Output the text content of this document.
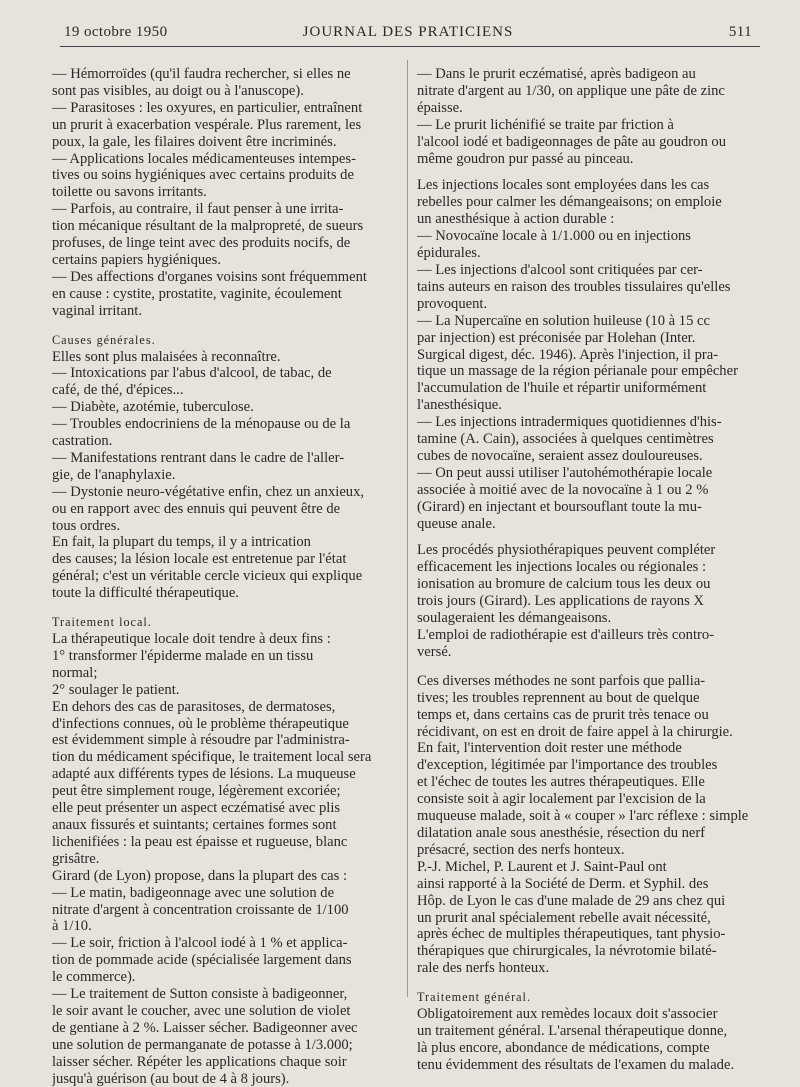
19 octobre 1950	JOURNAL DES PRATICIENS	511
— Hémorroïdes (qu'il faudra rechercher, si elles ne
sont pas visibles, au doigt ou à l'anuscope).
— Parasitoses : les oxyures, en particulier, entraînent
un prurit à exacerbation vespérale. Plus rarement, les
poux, la gale, les filaires doivent être incriminés.
— Applications locales médicamenteuses intempes-
tives ou soins hygiéniques avec certains produits de
toilette ou savons irritants.
— Parfois, au contraire, il faut penser à une irrita-
tion mécanique résultant de la malpropreté, de sueurs
profuses, de linge teint avec des produits nocifs, de
certains papiers hygiéniques.
— Des affections d'organes voisins sont fréquemment
en cause : cystite, prostatite, vaginite, écoulement
vaginal irritant.
Causes générales.
Elles sont plus malaisées à reconnaître.
— Intoxications par l'abus d'alcool, de tabac, de
café, de thé, d'épices...
— Diabète, azotémie, tuberculose.
— Troubles endocriniens de la ménopause ou de la
castration.
— Manifestations rentrant dans le cadre de l'aller-
gie, de l'anaphylaxie.
— Dystonie neuro-végétative enfin, chez un anxieux,
ou en rapport avec des ennuis qui peuvent être de
tous ordres.
En fait, la plupart du temps, il y a intrication
des causes; la lésion locale est entretenue par l'état
général; c'est un véritable cercle vicieux qui explique
toute la difficulté thérapeutique.
Traitement local.
La thérapeutique locale doit tendre à deux fins :
1° transformer l'épiderme malade en un tissu
normal;
2° soulager le patient.
En dehors des cas de parasitoses, de dermatoses,
d'infections connues, où le problème thérapeutique
est évidemment simple à résoudre par l'administra-
tion du médicament spécifique, le traitement local sera
adapté aux différents types de lésions. La muqueuse
peut être simplement rouge, légèrement excoriée;
elle peut présenter un aspect eczématisé avec plis
anaux fissurés et suintants; certaines formes sont
lichenifiées : la peau est épaisse et rugueuse, blanc
grisâtre.
Girard (de Lyon) propose, dans la plupart des cas :
— Le matin, badigeonnage avec une solution de
nitrate d'argent à concentration croissante de 1/100
à 1/10.
— Le soir, friction à l'alcool iodé à 1 % et applica-
tion de pommade acide (spécialisée largement dans
le commerce).
— Le traitement de Sutton consiste à badigeonner,
le soir avant le coucher, avec une solution de violet
de gentiane à 2 %. Laisser sécher. Badigeonner avec
une solution de permanganate de potasse à 1/3.000;
laisser sécher. Répéter les applications chaque soir
jusqu'à guérison (au bout de 4 à 8 jours).
— Dans le prurit eczématisé, après badigeon au
nitrate d'argent au 1/30, on applique une pâte de zinc
épaisse.
— Le prurit lichénifié se traite par friction à
l'alcool iodé et badigeonnages de pâte au goudron ou
même goudron pur passé au pinceau.
Les injections locales sont employées dans les cas
rebelles pour calmer les démangeaisons; on emploie
un anesthésique à action durable :
— Novocaïne locale à 1/1.000 ou en injections
épidurales.
— Les injections d'alcool sont critiquées par cer-
tains auteurs en raison des troubles tissulaires qu'elles
provoquent.
— La Nupercaïne en solution huileuse (10 à 15 cc
par injection) est préconisée par Holehan (Inter.
Surgical digest, déc. 1946). Après l'injection, il pra-
tique un massage de la région périanale pour empêcher
l'accumulation de l'huile et répartir uniformément
l'anesthésique.
— Les injections intradermiques quotidiennes d'his-
tamine (A. Cain), associées à quelques centimètres
cubes de novocaïne, seraient assez douloureuses.
— On peut aussi utiliser l'autohémothérapie locale
associée à moitié avec de la novocaïne à 1 ou 2 %
(Girard) en injectant et boursouflant toute la mu-
queuse anale.
Les procédés physiothérapiques peuvent compléter
efficacement les injections locales ou régionales :
ionisation au bromure de calcium tous les deux ou
trois jours (Girard). Les applications de rayons X
soulageraient les démangeaisons.
L'emploi de radiothérapie est d'ailleurs très contro-
versé.
Ces diverses méthodes ne sont parfois que pallia-
tives; les troubles reprennent au bout de quelque
temps et, dans certains cas de prurit très tenace ou
récidivant, on est en droit de faire appel à la chirurgie.
En fait, l'intervention doit rester une méthode
d'exception, légitimée par l'importance des troubles
et l'échec de toutes les autres thérapeutiques. Elle
consiste soit à agir localement par l'excision de la
muqueuse malade, soit à « couper » l'arc réflexe : simple
dilatation anale sous anesthésie, résection du nerf
présacré, section des nerfs honteux.
P.-J. Michel, P. Laurent et J. Saint-Paul ont
ainsi rapporté à la Société de Derm. et Syphil. des
Hôp. de Lyon le cas d'une malade de 29 ans chez qui
un prurit anal spécialement rebelle avait nécessité,
après échec de multiples thérapeutiques, tant physio-
thérapiques que chirurgicales, la névrotomie bilaté-
rale des nerfs honteux.
Traitement général.
Obligatoirement aux remèdes locaux doit s'associer
un traitement général. L'arsenal thérapeutique donne,
là plus encore, abondance de médications, compte
tenu évidemment des résultats de l'examen du malade.
